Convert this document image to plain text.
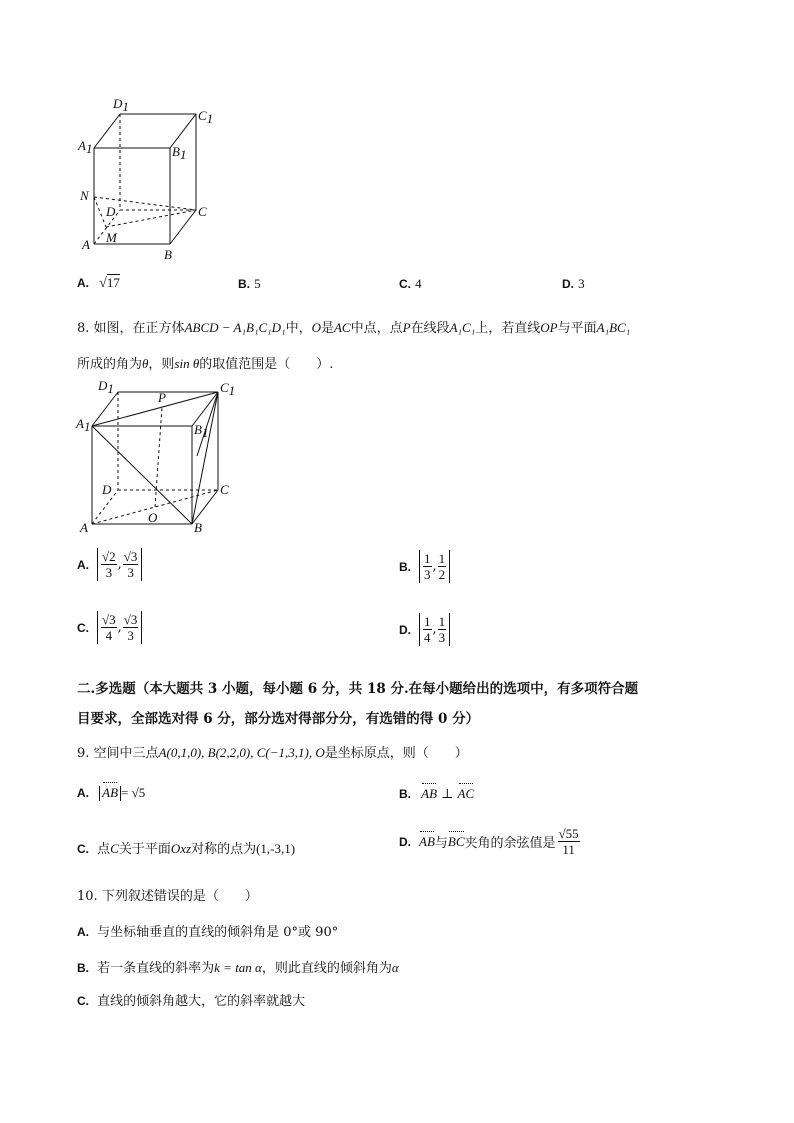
D1
C1
A1	B1
N
D	C
M
A
B
A. √17	B. 5	C. 4	D. 3
8. 如图，在正方体ABCD − A₁B₁C₁D₁中，O是AC中点，点P在线段A₁C₁上，若直线OP与平面A₁BC₁
所成的角为θ，则sin θ的取值范围是（　　）.
D1
P
C1
A1	B1
D	C
A
O
B
A. $\frac{√2}{3}$ , $\frac{√3}{3}$	B. $\frac{1}{3}$ , $\frac{1}{2}$
C. $\frac{√3}{4}$ , $\frac{√3}{3}$	D. $\frac{1}{4}$ , $\frac{1}{3}$
二.多选题（本大题共 3 小题，每小题 6 分，共 18 分.在每小题给出的选项中，有多项符合题
目要求，全部选对得 6 分，部分选对得部分分，有选错的得 0 分）
9. 空间中三点A(0,1,0), B(2,2,0), C(−1,3,1), O是坐标原点，则（　　）
A. AB = √5	B. AB ⊥ AC
C. 点C关于平面Oxz对称的点为(1,-3,1)	D. AB 与 BC 夹角的余弦值是 $\frac{√55}{11}$
10. 下列叙述错误的是（　　）
A. 与坐标轴垂直的直线的倾斜角是 0°或 90°
B. 若一条直线的斜率为k = tan α，则此直线的倾斜角为α
C. 直线的倾斜角越大，它的斜率就越大
